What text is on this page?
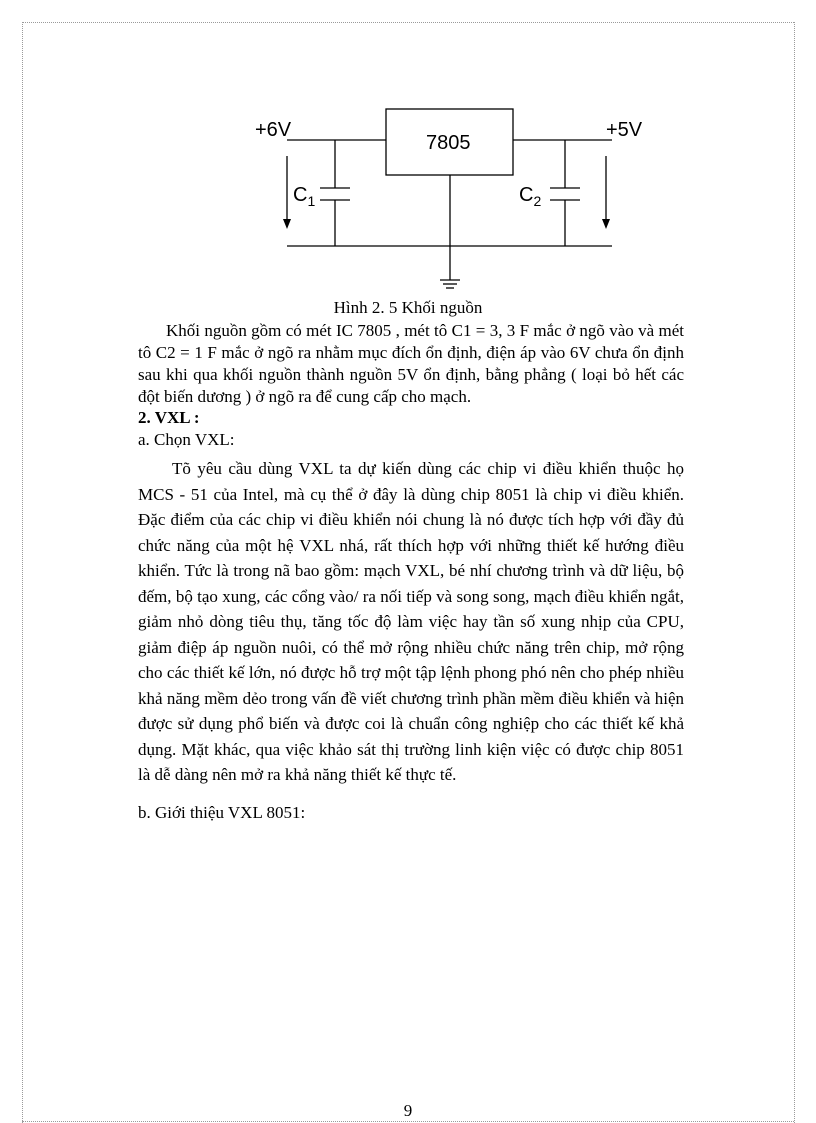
+6V	+5V
7805
$C_1$	$C_2$
Hình 2. 5 Khối nguồn

Khối nguồn gồm có mét IC 7805 , mét tô C1 = 3, 3 F mắc ở ngõ vào và mét tô C2 = 1 F mắc ở ngõ ra nhằm mục đích ổn định, điện áp vào 6V chưa ổn định sau khi qua khối nguồn thành nguồn 5V ổn định, bằng phẳng ( loại bỏ hết các đột biến dương ) ở ngõ ra để cung cấp cho mạch.

2. VXL :

a. Chọn VXL:

Tõ yêu cầu dùng VXL ta dự kiến dùng các chip vi điều khiển thuộc họ MCS - 51 của Intel, mà cụ thể ở đây là dùng chip 8051 là chip vi điều khiển. Đặc điểm của các chip vi điều khiển nói chung là nó được tích hợp với đầy đủ chức năng của một hệ VXL nhá, rất thích hợp với những thiết kế hướng điều khiển. Tức là trong nã bao gồm: mạch VXL, bé nhí chương trình và dữ liệu, bộ đếm, bộ tạo xung, các cổng vào/ ra nối tiếp và song song, mạch điều khiển ngắt, giảm nhỏ dòng tiêu thụ, tăng tốc độ làm việc hay tần số xung nhịp của CPU, giảm điệp áp nguồn nuôi, có thể mở rộng nhiều chức năng trên chip, mở rộng cho các thiết kế lớn, nó được hỗ trợ một tập lệnh phong phó nên cho phép nhiều khả năng mềm dẻo trong vấn đề viết chương trình phần mềm điều khiển và hiện được sử dụng phổ biến và được coi là chuẩn công nghiệp cho các thiết kế khả dụng. Mặt khác, qua việc khảo sát thị trường linh kiện việc có được chip 8051 là dễ dàng nên mở ra khả năng thiết kế thực tế.

b. Giới thiệu VXL 8051:

9
